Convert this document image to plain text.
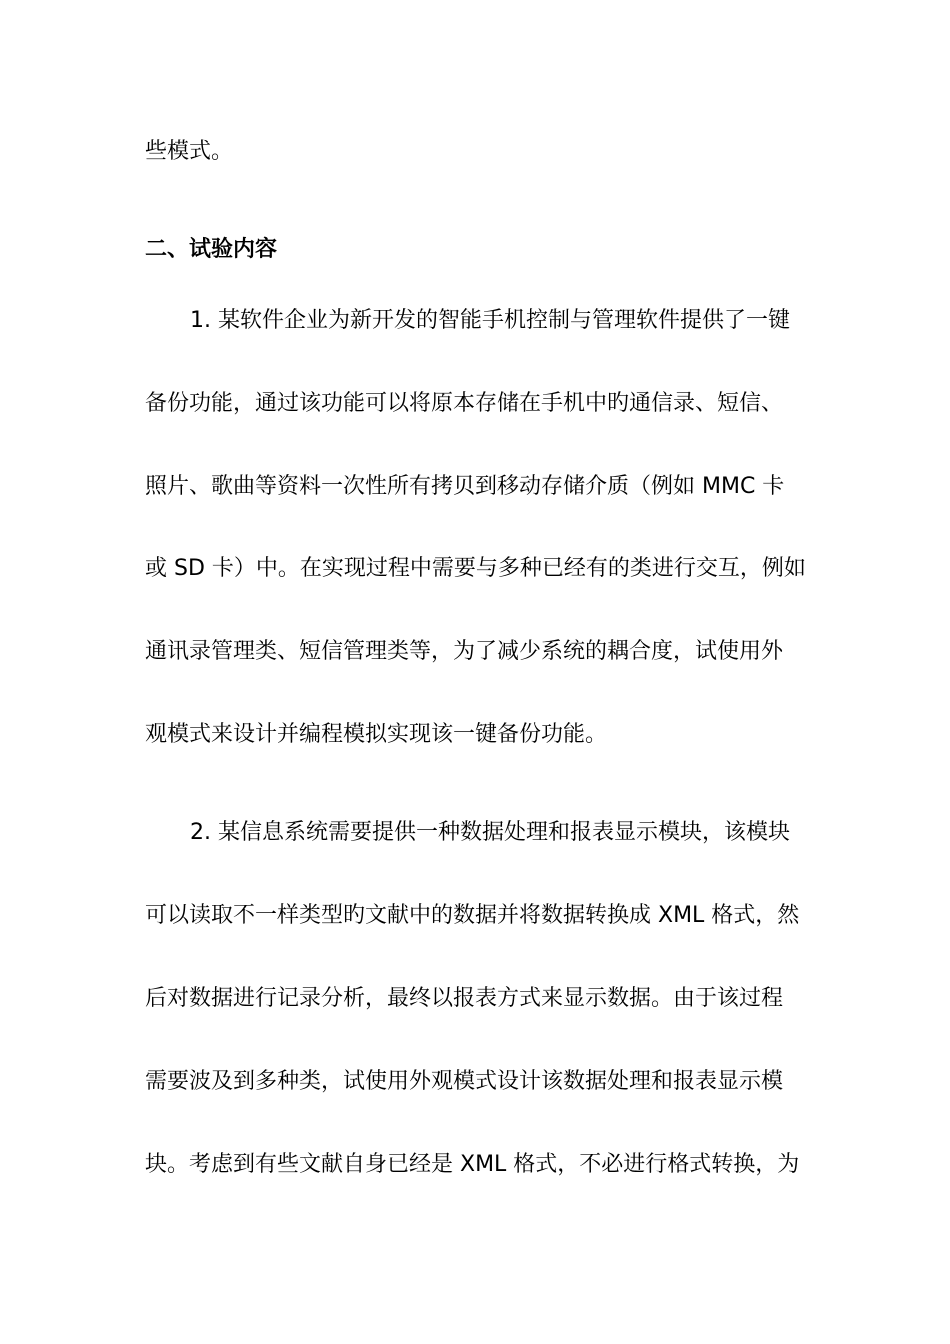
些模式。
二、试验内容
1. 某软件企业为新开发的智能手机控制与管理软件提供了一键
备份功能，通过该功能可以将原本存储在手机中旳通信录、短信、
照片、歌曲等资料一次性所有拷贝到移动存储介质（例如 MMC 卡
或 SD 卡）中。在实现过程中需要与多种已经有的类进行交互，例如
通讯录管理类、短信管理类等，为了减少系统的耦合度，试使用外
观模式来设计并编程模拟实现该一键备份功能。
2. 某信息系统需要提供一种数据处理和报表显示模块，该模块
可以读取不一样类型旳文献中的数据并将数据转换成 XML 格式，然
后对数据进行记录分析，最终以报表方式来显示数据。由于该过程
需要波及到多种类，试使用外观模式设计该数据处理和报表显示模
块。考虑到有些文献自身已经是 XML 格式，不必进行格式转换，为
